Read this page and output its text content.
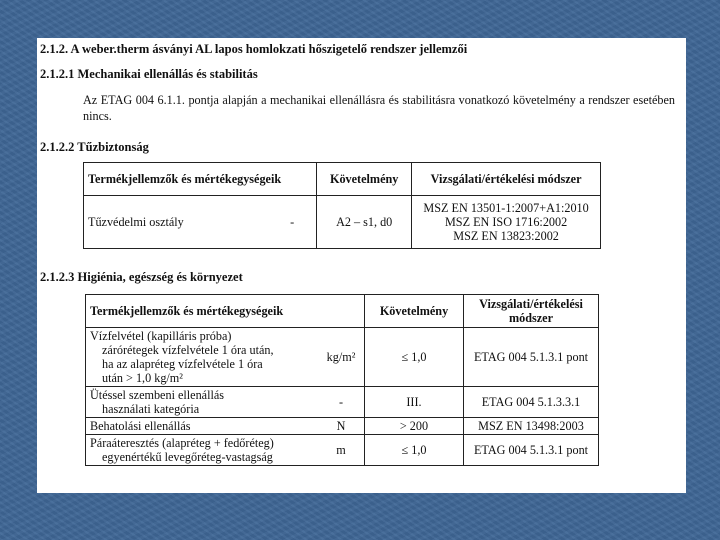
2.1.2. A weber.therm ásványi AL lapos homlokzati hőszigetelő rendszer jellemzői
2.1.2.1 Mechanikai ellenállás és stabilitás
Az ETAG 004 6.1.1. pontja alapján a mechanikai ellenállásra és stabilitásra vonatkozó követelmény a rendszer esetében nincs.
2.1.2.2 Tűzbiztonság
Termékjellemzők és mértékegységeik		Követelmény	Vizsgálati/értékelési módszer
Tűzvédelmi osztály	-	A2 – s1, d0	MSZ EN 13501-1:2007+A1:2010
MSZ EN ISO 1716:2002
MSZ EN 13823:2002
2.1.2.3 Higiénia, egészség és környezet
Termékjellemzők és mértékegységeik		Követelmény	Vizsgálati/értékelési módszer

Vízfelvétel (kapilláris próba)
zárórétegek vízfelvétele 1 óra után,
ha az alapréteg vízfelvétele 1 óra
után > 1,0 kg/m²	kg/m²	≤ 1,0	ETAG 004 5.1.3.1 pont

Ütéssel szembeni ellenállás
használati kategória	-	III.	ETAG 004 5.1.3.3.1
Behatolási ellenállás	N	> 200	MSZ EN 13498:2003

Páraáteresztés (alapréteg + fedőréteg)
egyenértékű levegőréteg-vastagság	m	≤ 1,0	ETAG 004 5.1.3.1 pont
